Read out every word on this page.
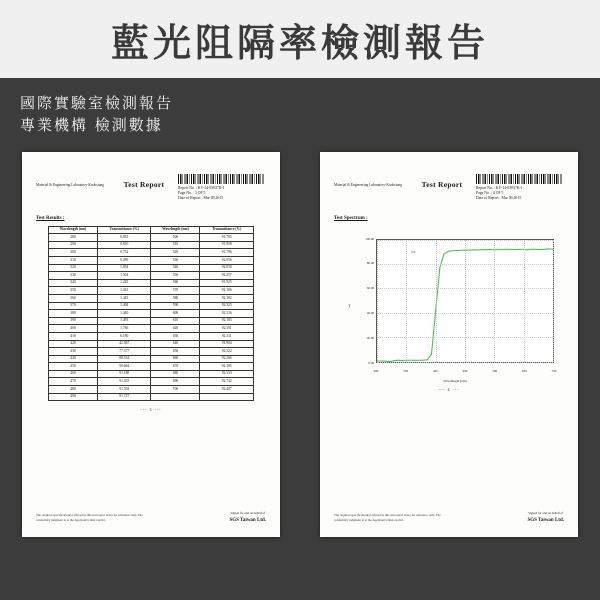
藍光阻隔率檢測報告
國際實驗室檢測報告
專業機構 檢測數據
Material & Engineering Laboratory-Kaohsiung	Test Report	Report No. : KV-14-03837K-1
Page No. : 3 OF 5
Date of Report : Mar 09,2015
Test Results :
Wavelength (nm)	Transmittance (%)	Wavelength (nm)	Transmittance (%)
280	0.835	500	91.705
290	0.810	510	91.958
300	0.732	520	91.796
310	0.289	530	92.056
320	1.054	540	92.050
330	1.504	550	92.257
340	1.243	560	91.925
350	1.441	570	92.106
360	1.445	580	92.182
370	1.404	590	92.325
380	1.440	600	92.316
390	1.493	610	92.183
400	1.766	620	92.351
410	6.180	630	92.311
420	42.067	640	91.904
430	77.377	650	92.522
440	88.534	660	92.266
450	90.664	670	92.185
460	91.188	680	92.333
470	91.433	690	92.742
480	91.592	700	92.407
490	91.727		
--- 3 ---
The required specification(s) offered in this test report is/are for reference only. The conformity judgment is at the Applicant's final verdict.
Signed for and on behalf of
SGS Taiwan Ltd.
Material & Engineering Laboratory-Kaohsiung	Test Report	Report No. : KV-14-03837K-1
Page No. : 4 OF 5
Date of Report : Mar 09,2015
Test Spectrum :
T
%T
Wavelength (nm)
0.00
20.00
40.00
60.00
80.00
100.00
280	350	420	490	560	630	700
--- 4 ---
The required specification(s) offered in this test report is/are for reference only. The conformity judgment is at the Applicant's final verdict.
Signed for and on behalf of
SGS Taiwan Ltd.
